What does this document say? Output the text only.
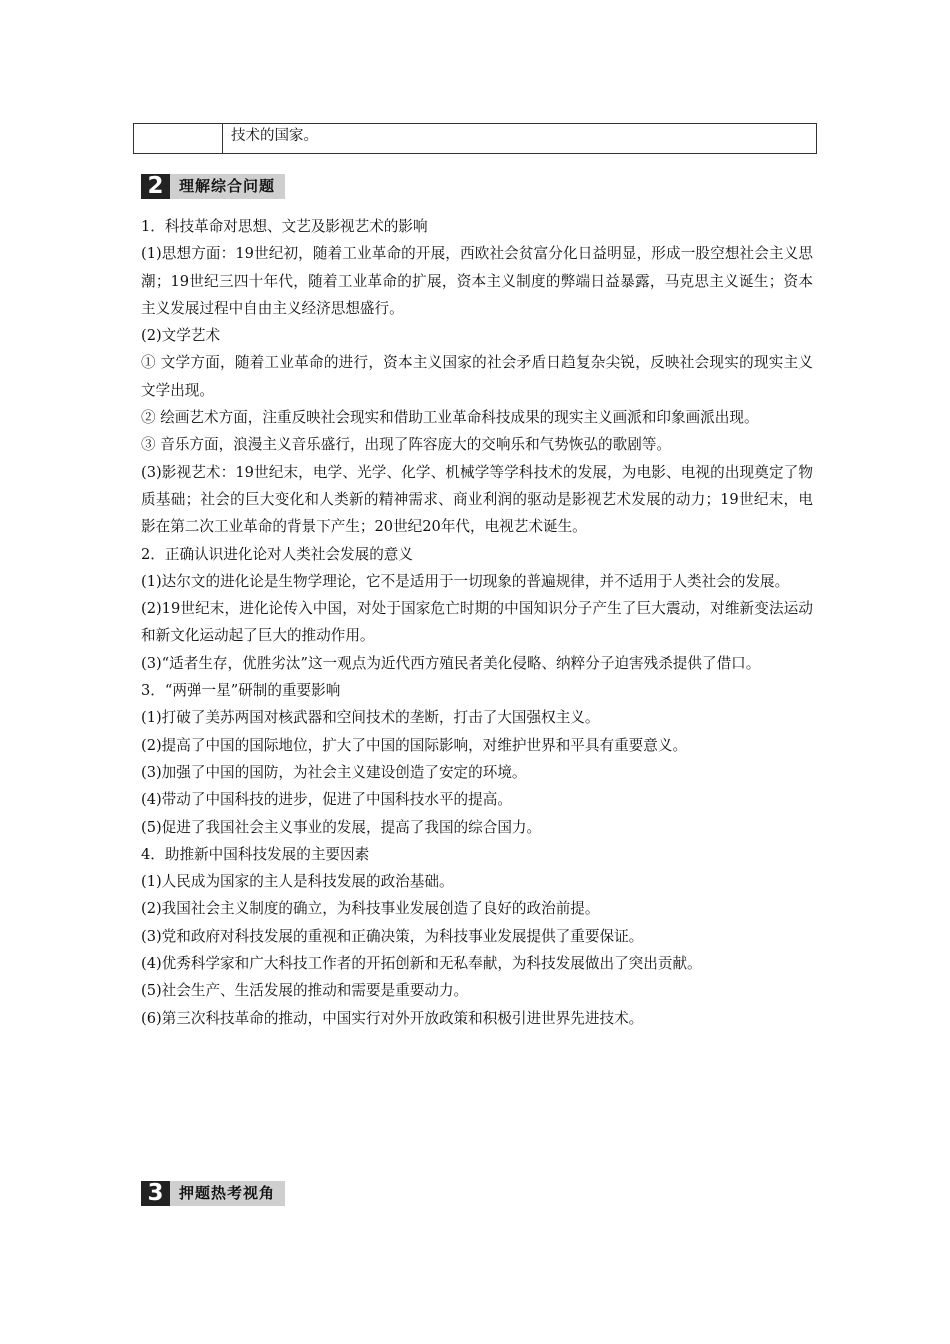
技术的国家。
2	理解综合问题

1．科技革命对思想、文艺及影视艺术的影响

(1)思想方面：19世纪初，随着工业革命的开展，西欧社会贫富分化日益明显，形成一股空想社会主义思潮；19世纪三四十年代，随着工业革命的扩展，资本主义制度的弊端日益暴露，马克思主义诞生；资本主义发展过程中自由主义经济思想盛行。

(2)文学艺术

① 文学方面，随着工业革命的进行，资本主义国家的社会矛盾日趋复杂尖锐，反映社会现实的现实主义文学出现。

② 绘画艺术方面，注重反映社会现实和借助工业革命科技成果的现实主义画派和印象画派出现。

③ 音乐方面，浪漫主义音乐盛行，出现了阵容庞大的交响乐和气势恢弘的歌剧等。

(3)影视艺术：19世纪末，电学、光学、化学、机械学等学科技术的发展，为电影、电视的出现奠定了物质基础；社会的巨大变化和人类新的精神需求、商业利润的驱动是影视艺术发展的动力；19世纪末，电影在第二次工业革命的背景下产生；20世纪20年代，电视艺术诞生。

2．正确认识进化论对人类社会发展的意义

(1)达尔文的进化论是生物学理论，它不是适用于一切现象的普遍规律，并不适用于人类社会的发展。

(2)19世纪末，进化论传入中国，对处于国家危亡时期的中国知识分子产生了巨大震动，对维新变法运动和新文化运动起了巨大的推动作用。

(3)“适者生存，优胜劣汰”这一观点为近代西方殖民者美化侵略、纳粹分子迫害残杀提供了借口。

3．“两弹一星”研制的重要影响

(1)打破了美苏两国对核武器和空间技术的垄断，打击了大国强权主义。

(2)提高了中国的国际地位，扩大了中国的国际影响，对维护世界和平具有重要意义。

(3)加强了中国的国防，为社会主义建设创造了安定的环境。

(4)带动了中国科技的进步，促进了中国科技水平的提高。

(5)促进了我国社会主义事业的发展，提高了我国的综合国力。

4．助推新中国科技发展的主要因素

(1)人民成为国家的主人是科技发展的政治基础。

(2)我国社会主义制度的确立，为科技事业发展创造了良好的政治前提。

(3)党和政府对科技发展的重视和正确决策，为科技事业发展提供了重要保证。

(4)优秀科学家和广大科技工作者的开拓创新和无私奉献，为科技发展做出了突出贡献。

(5)社会生产、生活发展的推动和需要是重要动力。

(6)第三次科技革命的推动，中国实行对外开放政策和积极引进世界先进技术。

3	押题热考视角
